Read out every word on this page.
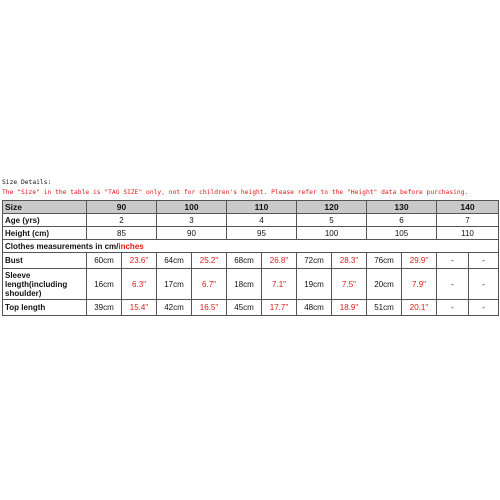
Size Details:
The "Size" in the table is "TAG SIZE" only, not for children's height. Please refer to the "Height" data before purchasing.
Size	90		100		110		120		130		140	
Age (yrs)	2		3		4		5		6		7	
Height (cm)	85		90		95		100		105		110	
Clothes measurements in cm/inches												
Bust	60cm	23.6"	64cm	25.2"	68cm	26.8"	72cm	28.3"	76cm	29.9"	-	-
Sleeve length(including shoulder)	16cm	6.3"	17cm	6.7"	18cm	7.1"	19cm	7.5"	20cm	7.9"	-	-
Top length	39cm	15.4"	42cm	16.5"	45cm	17.7"	48cm	18.9"	51cm	20.1"	-	-
